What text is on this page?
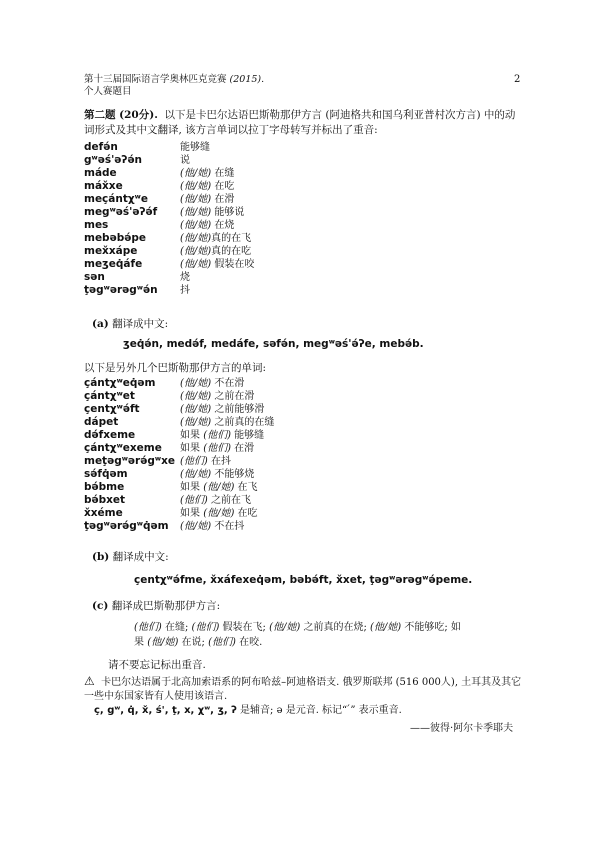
第十三届国际语言学奥林匹克竞赛 (2015).
个人赛题目
2
第二题 (20分). 以下是卡巴尔达语巴斯勒那伊方言 (阿迪格共和国乌利亚普村次方言) 中的动词形式及其中文翻译, 该方言单词以拉丁字母转写并标出了重音:
defə́n	能够缝
gʷəś'əʔə́n	说
máde	(他/她) 在缝
máx̌xe	(他/她) 在吃
meçántχʷe	(他/她) 在滑
megʷəś'əʔə́f (他/她) 能够说
mes	(他/她) 在烧
mebəbə́pe	(他/她)真的在飞
mex̌xápe	(他/她)真的在吃
meʒeq̇áfe	(他/她) 假装在咬
sən	烧
ţəgʷərəgʷə́n 抖
(a) 翻译成中文:
ʒeq̇ə́n, medə́f, medáfe, səfə́n, megʷəś'ə́ʔe, mebə́b.
以下是另外几个巴斯勒那伊方言的单词:
çántχʷeq̇əm (他/她) 不在滑
çántχʷet	(他/她) 之前在滑
çentχʷə́ft	(他/她) 之前能够滑
dápet	(他/她) 之前真的在缝
də́fxeme	如果 (他们) 能够缝
çántχʷexeme 如果 (他们) 在滑
meţəgʷərə́gʷxe (他们) 在抖
sə́fq̇əm	(他/她) 不能够烧
bə́bme	如果 (他/她) 在飞
bə́bxet	(他们) 之前在飞
x̌xéme	如果 (他/她) 在吃
ţəgʷərə́gʷq̇əm (他/她) 不在抖
(b) 翻译成中文:
çentχʷə́fme, x̌xáfexeq̇əm, bəbə́ft, x̌xet, ţəgʷərəgʷə́peme.
(c) 翻译成巴斯勒那伊方言:
(他们) 在缝; (他们) 假装在飞; (他/她) 之前真的在烧; (他/她) 不能够吃; 如
果 (他/她) 在说; (他们) 在咬.
请不要忘记标出重音.
⚠ 卡巴尔达语属于北高加索语系的阿布哈兹–阿迪格语支. 俄罗斯联邦 (516 000人), 土耳其及其它一些中东国家皆有人使用该语言.
ç, gʷ, q̇, x̌, ś', ţ, x, χʷ, ʒ, ʔ 是辅音; ə 是元音. 标记“ ́” 表示重音.
——彼得·阿尔卡季耶夫
